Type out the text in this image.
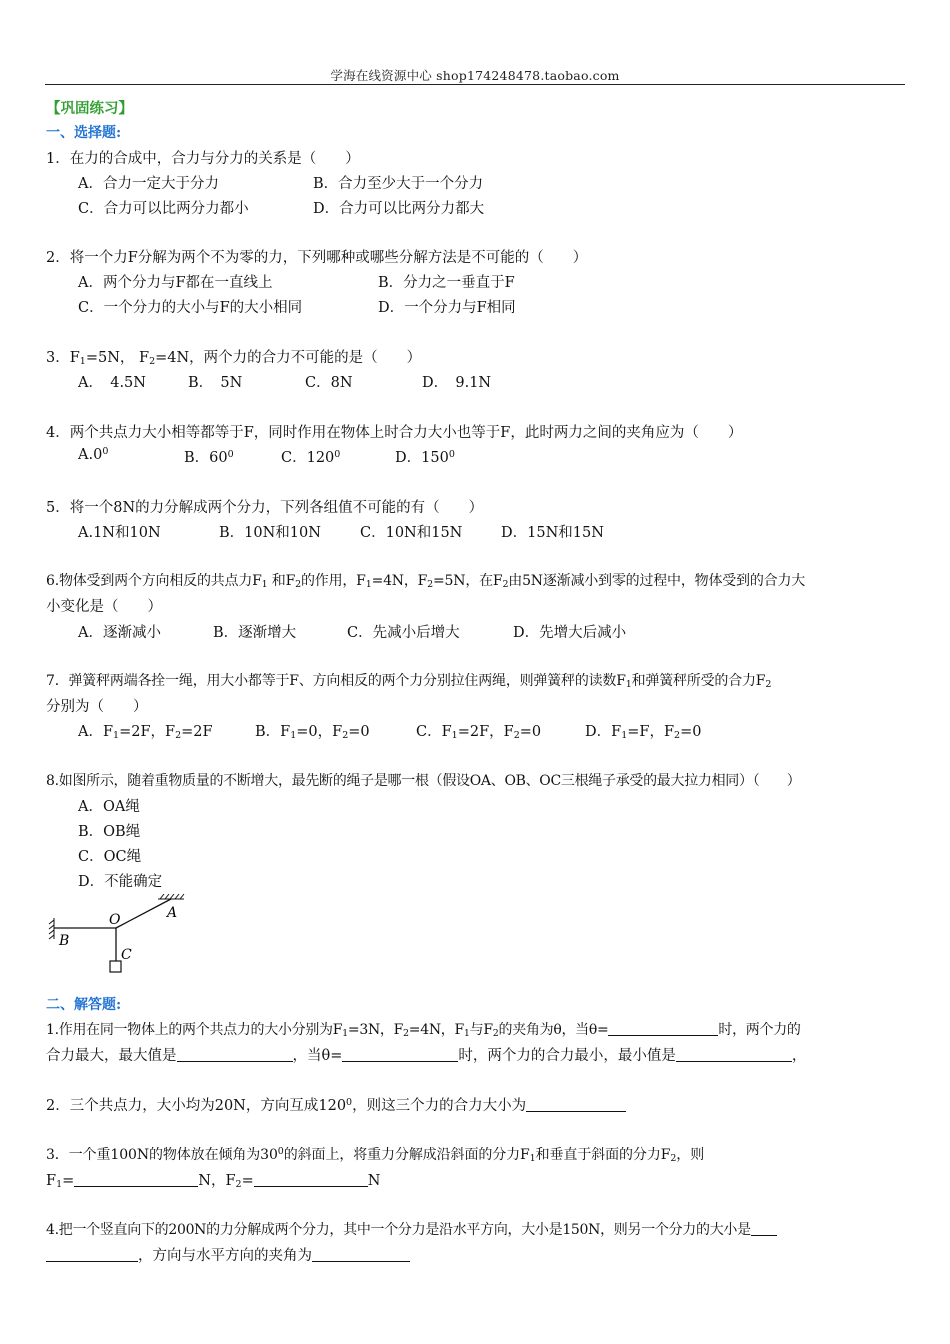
学海在线资源中心 shop174248478.taobao.com
【巩固练习】
一、选择题:
1．在力的合成中，合力与分力的关系是（　　）
A．合力一定大于分力	B．合力至少大于一个分力
C．合力可以比两分力都小	D．合力可以比两分力都大
2．将一个力F分解为两个不为零的力，下列哪种或哪些分解方法是不可能的（　　）
A．两个分力与F都在一直线上	B．分力之一垂直于F
C．一个分力的大小与F的大小相同	D．一个分力与F相同
3．$F_1=5N$， $F_2=4N$，两个力的合力不可能的是（　　）
A．　4.5N	B．　5N	C．8N	D．　9.1N
4．两个共点力大小相等都等于F，同时作用在物体上时合力大小也等于F，此时两力之间的夹角应为（　　）
$A.0^0$	B．$60^0$	C．$120^0$	D．$150^0$
5．将一个8N的力分解成两个分力，下列各组值不可能的有（　　）
A.1N和10N	B．10N和10N	C．10N和15N	D．15N和15N
6.物体受到两个方向相反的共点力$F_1$ 和$F_2$的作用，$F_1=4N$，$F_2=5N$，在$F_2$由5N逐渐减小到零的过程中，物体受到的合力大
小变化是（　　）
A．逐渐减小	B．逐渐增大	C．先减小后增大	D．先增大后减小
7．弹簧秤两端各拴一绳，用大小都等于F、方向相反的两个力分别拉住两绳，则弹簧秤的读数$F_1$和弹簧秤所受的合力$F_2$
分别为（　　）
A．$F_1=2F$，$F_2=2F$	B．$F_1=0$，$F_2=0$	C．$F_1=2F$，$F_2=0$	D．$F_1=F$，$F_2=0$
8.如图所示，随着重物质量的不断增大，最先断的绳子是哪一根（假设OA、OB、OC三根绳子承受的最大拉力相同）（　　）
A．OA绳
B．OB绳
C．OC绳
D．不能确定
O	A
B
C
二、解答题:
1.作用在同一物体上的两个共点力的大小分别为$F_1=3N$，$F_2=4N$，$F_1$与$F_2$的夹角为θ，当θ=	时，两个力的
合力最大，最大值是	，当θ=	时，两个力的合力最小，最小值是	，
2．三个共点力，大小均为20N，方向互成$120^0$，则这三个力的合力大小为
3．一个重100N的物体放在倾角为$30^0$的斜面上，将重力分解成沿斜面的分力$F_1$和垂直于斜面的分力$F_2$，则
$F_1=$	N，$F_2=$	N
4.把一个竖直向下的200N的力分解成两个分力，其中一个分力是沿水平方向，大小是150N，则另一个分力的大小是
，方向与水平方向的夹角为
